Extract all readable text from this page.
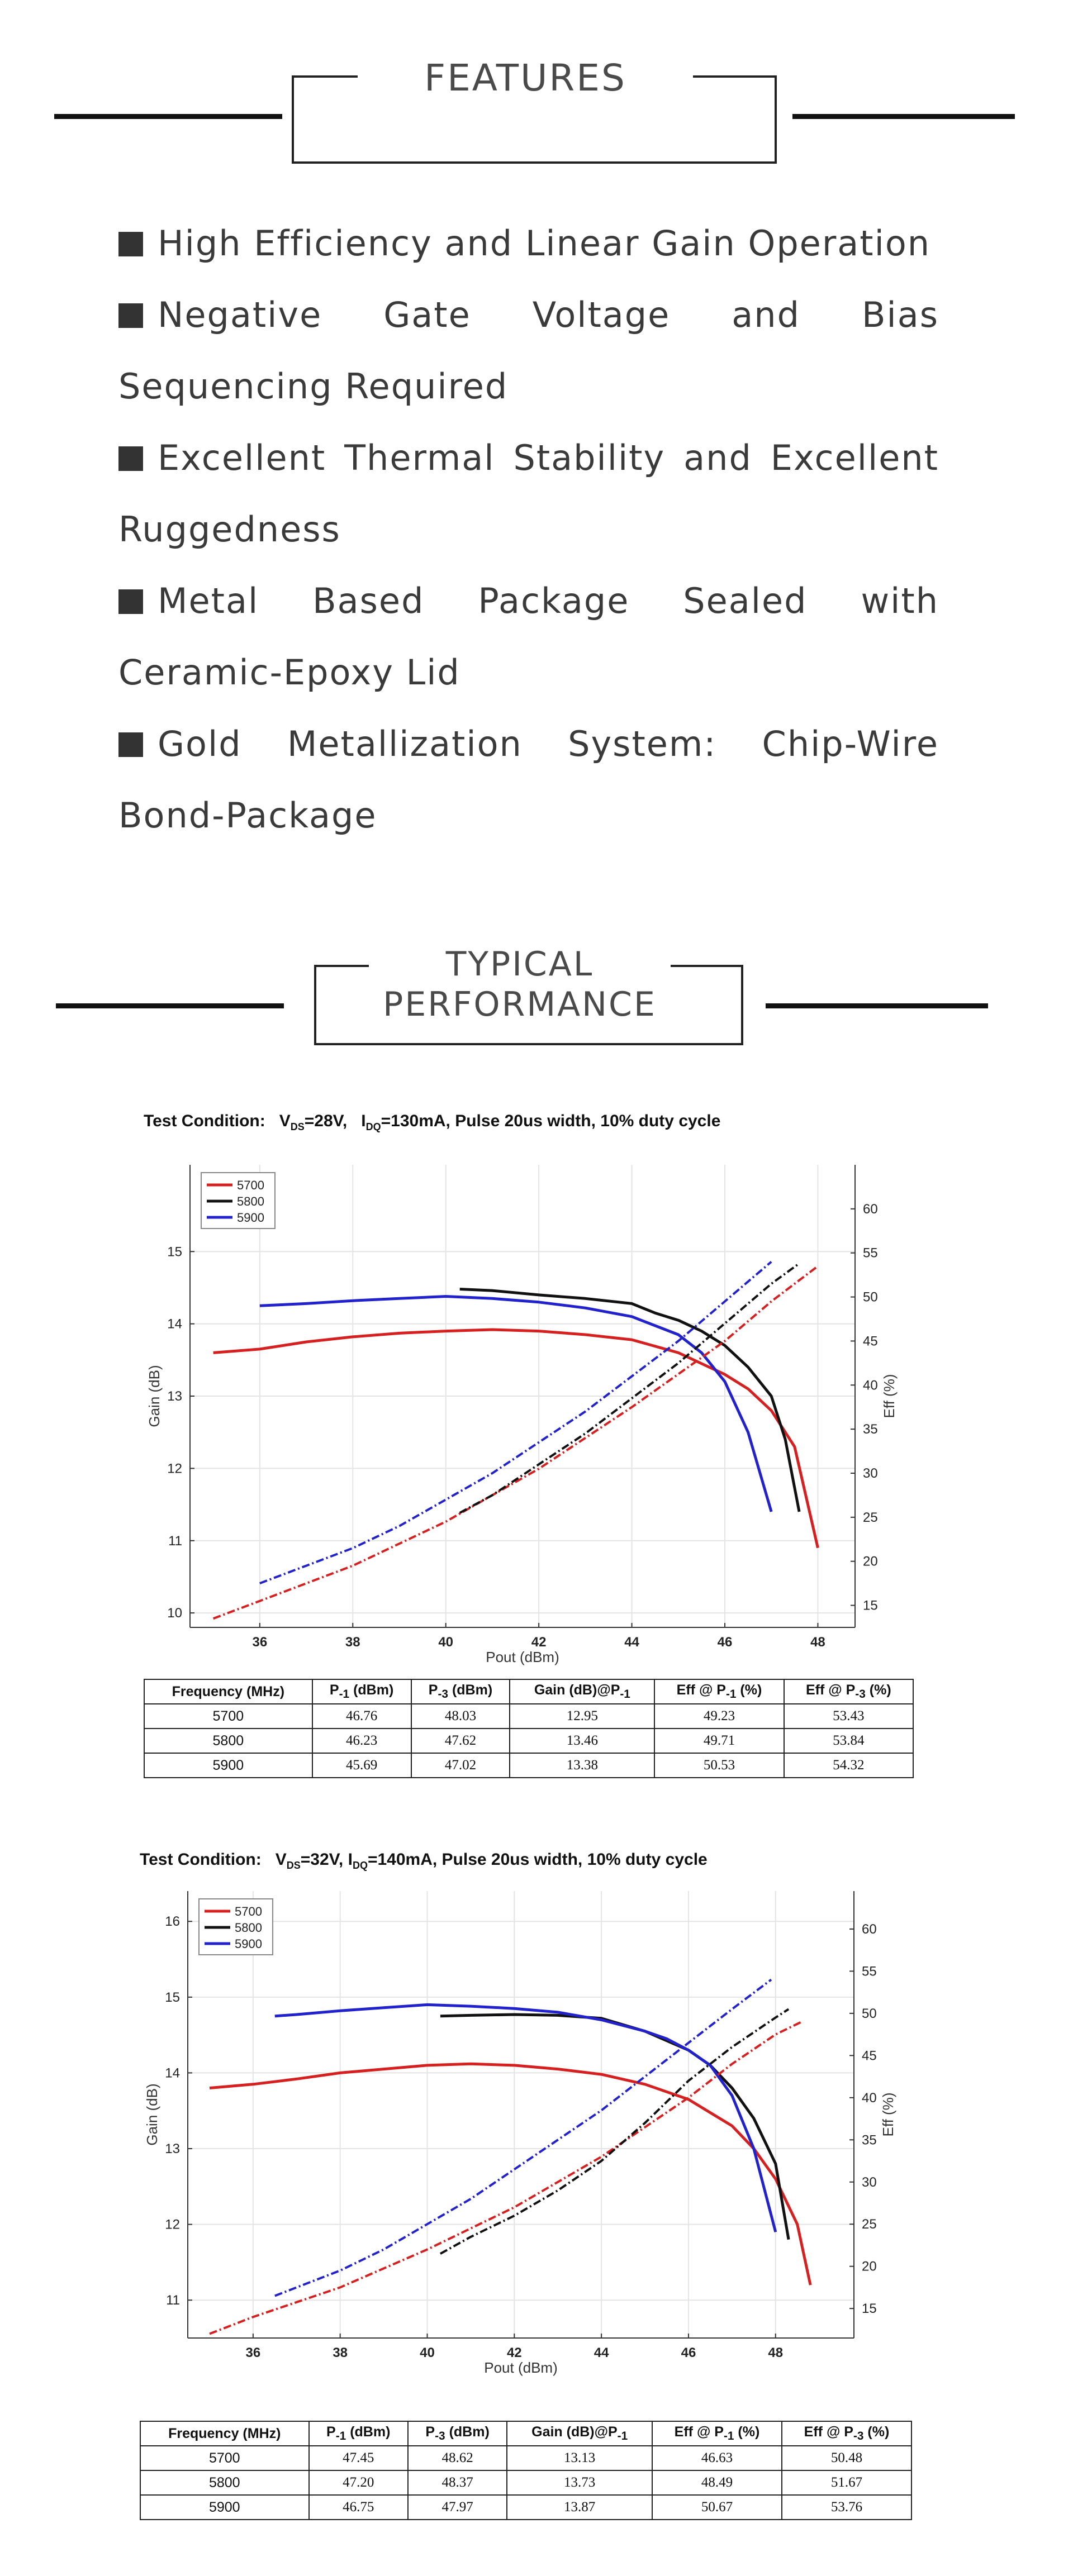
FEATURES
High Efficiency and Linear Gain Operation
Negative Gate Voltage and Bias Sequencing Required
Excellent Thermal Stability and Excellent Ruggedness
Metal Based Package Sealed with Ceramic-Epoxy Lid
Gold Metallization System: Chip-Wire Bond-Package
TYPICAL
PERFORMANCE
Test Condition: $V_{DS}=28V$, $I_{DQ}=130mA$, Pulse 20us width, 10% duty cycle
36	38	40	42	44	46	48
10
11
12
13
14
15
15
20
25
30
35
40
45
50
55
60
Pout (dBm)
Gain (dB)	Eff (%)
5700
5800
5900
Frequency (MHz)	$P_{-1}$ (dBm)	$P_{-3}$ (dBm)	Gain $(dB)@P_{-1}$	Eff @ $P_{-1}$ (%)	Eff @ $P_{-3}$ (%)
5700	46.76	48.03	12.95	49.23	53.43
5800	46.23	47.62	13.46	49.71	53.84
5900	45.69	47.02	13.38	50.53	54.32
Test Condition: $V_{DS}=32V$, $I_{DQ}=140mA$, Pulse 20us width, 10% duty cycle
36	38	40	42	44	46	48
11
12
13
14
15
16
15
20
25
30
35
40
45
50
55
60
Pout (dBm)
Gain (dB)	Eff (%)
5700
5800
5900
Frequency (MHz)	$P_{-1}$ (dBm)	$P_{-3}$ (dBm)	Gain $(dB)@P_{-1}$	Eff @ $P_{-1}$ (%)	Eff @ $P_{-3}$ (%)
5700	47.45	48.62	13.13	46.63	50.48
5800	47.20	48.37	13.73	48.49	51.67
5900	46.75	47.97	13.87	50.67	53.76
